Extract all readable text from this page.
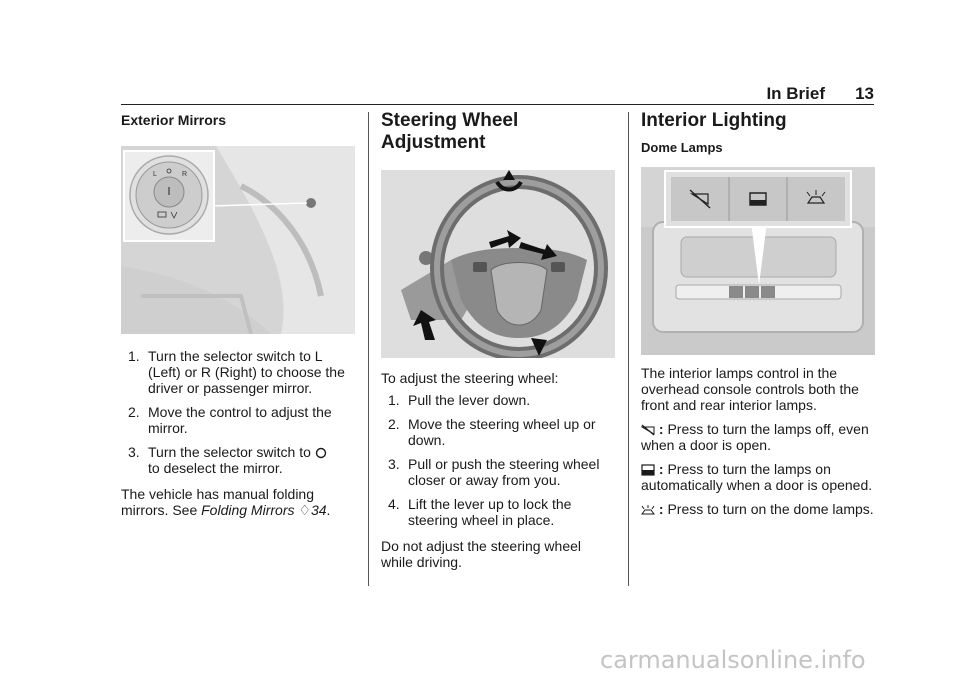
In Brief 13
Exterior Mirrors
L	R
1. Turn the selector switch to L (Left) or R (Right) to choose the driver or passenger mirror.
2. Move the control to adjust the mirror.
3. Turn the selector switch to
to deselect the mirror.

The vehicle has manual folding mirrors. See Folding Mirrors ♢34.

Steering Wheel
Adjustment

To adjust the steering wheel:

1. Pull the lever down.
2. Move the steering wheel up or down.
3. Pull or push the steering wheel closer or away from you.
4. Lift the lever up to lock the steering wheel in place.

Do not adjust the steering wheel while driving.

Interior Lighting
Dome Lamps

The interior lamps control in the overhead console controls both the front and rear interior lamps.

: Press to turn the lamps off, even when a door is open.
: Press to turn the lamps on automatically when a door is opened.
: Press to turn on the dome lamps.
carmanualsonline.info
